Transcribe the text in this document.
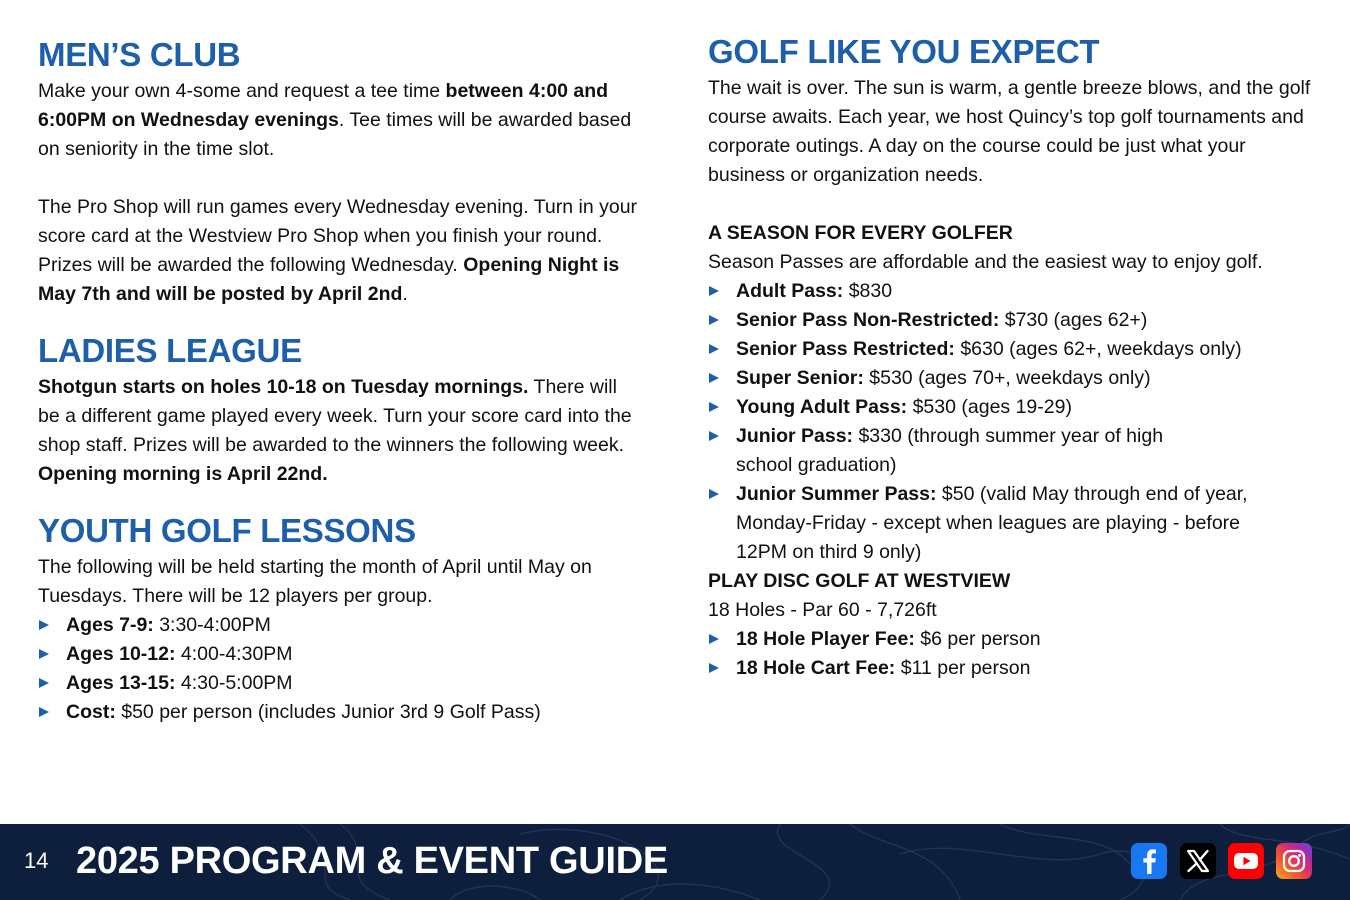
MEN’S CLUB

Make your own 4-some and request a tee time between 4:00 and 6:00PM on Wednesday evenings. Tee times will be awarded based on seniority in the time slot.

The Pro Shop will run games every Wednesday evening. Turn in your score card at the Westview Pro Shop when you finish your round. Prizes will be awarded the following Wednesday. Opening Night is May 7th and will be posted by April 2nd.

LADIES LEAGUE

Shotgun starts on holes 10-18 on Tuesday mornings. There will be a different game played every week. Turn your score card into the shop staff. Prizes will be awarded to the winners the following week. Opening morning is April 22nd.

YOUTH GOLF LESSONS

The following will be held starting the month of April until May on Tuesdays. There will be 12 players per group.

Ages 7-9: 3:30-4:00PM
Ages 10-12: 4:00-4:30PM
Ages 13-15: 4:30-5:00PM
Cost: $50 per person (includes Junior 3rd 9 Golf Pass)
GOLF LIKE YOU EXPECT

The wait is over. The sun is warm, a gentle breeze blows, and the golf course awaits. Each year, we host Quincy’s top golf tournaments and corporate outings. A day on the course could be just what your business or organization needs.

A SEASON FOR EVERY GOLFER

Season Passes are affordable and the easiest way to enjoy golf.

Adult Pass: $830
Senior Pass Non-Restricted: $730 (ages 62+)
Senior Pass Restricted: $630 (ages 62+, weekdays only)
Super Senior: $530 (ages 70+, weekdays only)
Young Adult Pass: $530 (ages 19-29)
Junior Pass: $330 (through summer year of high school graduation)
Junior Summer Pass: $50 (valid May through end of year, Monday-Friday - except when leagues are playing - before 12PM on third 9 only)
PLAY DISC GOLF AT WESTVIEW

18 Holes - Par 60 - 7,726ft

18 Hole Player Fee: $6 per person
18 Hole Cart Fee: $11 per person
14 2025 PROGRAM & EVENT GUIDE
